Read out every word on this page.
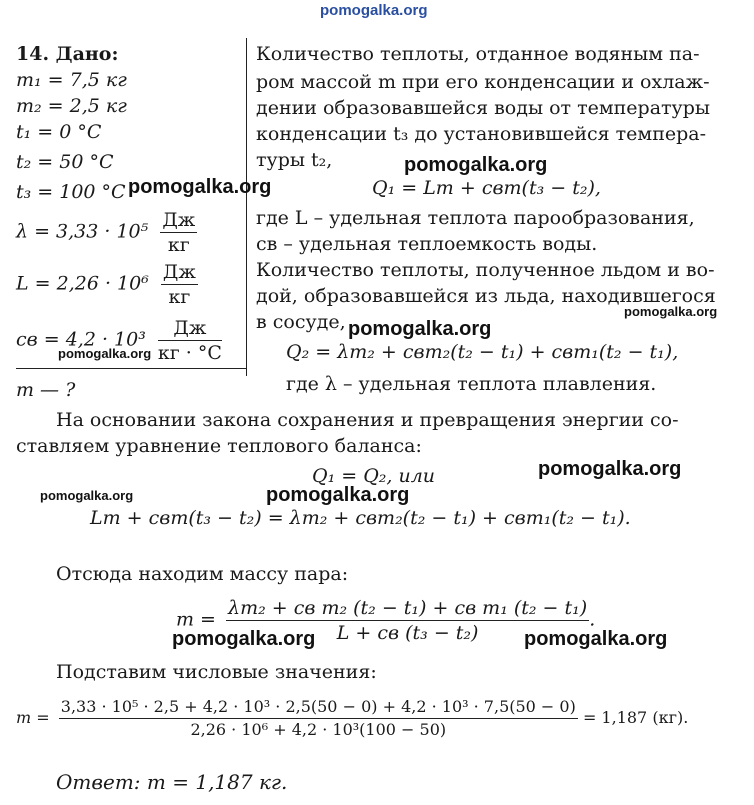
pomogalka.org
14. Дано:
m₁ = 7,5 кг
m₂ = 2,5 кг
t₁ = 0 °C
t₂ = 50 °C
t₃ = 100 °C
$\lambda = 3,33 \cdot 10^5 \frac{Дж}{кг}$
$L = 2,26 \cdot 10^6 \frac{Дж}{кг}$
cв = $4,2 \cdot 10^3 \frac{Дж}{кг \cdot ^\circ C}$
m — ?
Количество теплоты, отданное водяным па-
ром массой m при его конденсации и охлаж-
дении образовавшейся воды от температуры
конденсации t₃ до установившейся темпера-
туры t₂,
Q₁ = Lm + cвm(t₃ − t₂),
где L – удельная теплота парообразования,
cв – удельная теплоемкость воды.
Количество теплоты, полученное льдом и во-
дой, образовавшейся из льда, находившегося
в сосуде,
Q₂ = λm₂ + cвm₂(t₂ − t₁) + cвm₁(t₂ − t₁),
где λ – удельная теплота плавления.
На основании закона сохранения и превращения энергии со-
ставляем уравнение теплового баланса:
Q₁ = Q₂, или
Lm + cвm(t₃ − t₂) = λm₂ + cвm₂(t₂ − t₁) + cвm₁(t₂ − t₁).
Отсюда находим массу пара:
$m = \frac{\text{λm₂ + cв m₂ (t₂ − t₁) + cв m₁ (t₂ − t₁)}}{\text{L + cв (t₃ − t₂)}}$ .
Подставим числовые значения:
m =
3,33 · 10⁵ · 2,5 + 4,2 · 10³ · 2,5(50 − 0) + 4,2 · 10³ · 7,5(50 − 0)
2,26 · 10⁶ + 4,2 · 10³(100 − 50)
= 1,187 (кг).
Ответ: m = 1,187 кг.
pomogalka.org
pomogalka.org
pomogalka.org
pomogalka.org
pomogalka.org
pomogalka.org
pomogalka.org	pomogalka.org
pomogalka.org	pomogalka.org
